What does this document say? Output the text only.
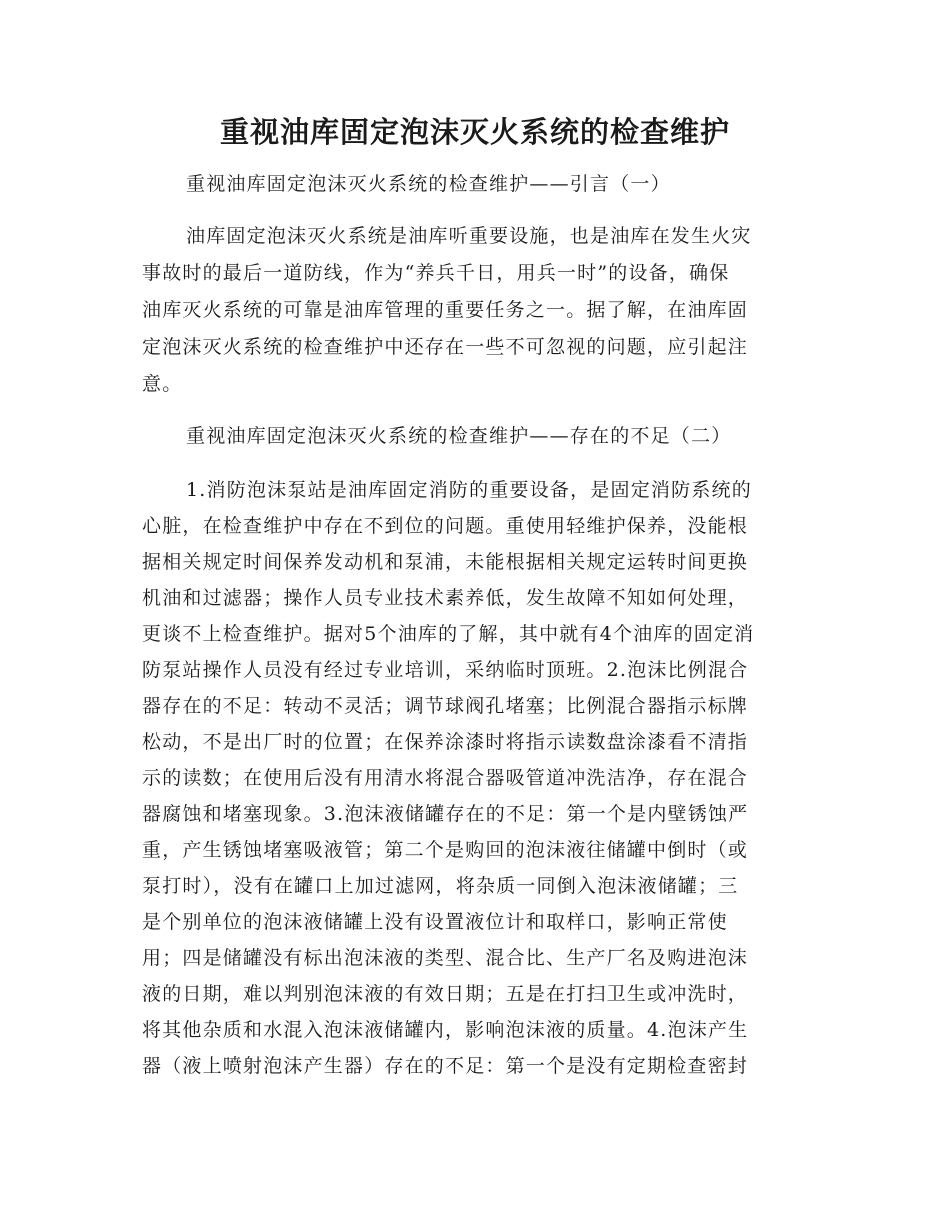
重视油库固定泡沫灭火系统的检查维护
重视油库固定泡沫灭火系统的检查维护——引言（一）
油库固定泡沫灭火系统是油库听重要设施，也是油库在发生火灾
事故时的最后一道防线，作为“养兵千日，用兵一时”的设备，确保
油库灭火系统的可靠是油库管理的重要任务之一。据了解，在油库固
定泡沫灭火系统的检查维护中还存在一些不可忽视的问题，应引起注
意。
重视油库固定泡沫灭火系统的检查维护——存在的不足（二）
1.消防泡沫泵站是油库固定消防的重要设备，是固定消防系统的
心脏，在检查维护中存在不到位的问题。重使用轻维护保养，没能根
据相关规定时间保养发动机和泵浦，未能根据相关规定运转时间更换
机油和过滤器；操作人员专业技术素养低，发生故障不知如何处理，
更谈不上检查维护。据对5个油库的了解，其中就有4个油库的固定消
防泵站操作人员没有经过专业培训，采纳临时顶班。2.泡沫比例混合
器存在的不足：转动不灵活；调节球阀孔堵塞；比例混合器指示标牌
松动，不是出厂时的位置；在保养涂漆时将指示读数盘涂漆看不清指
示的读数；在使用后没有用清水将混合器吸管道冲洗洁净，存在混合
器腐蚀和堵塞现象。3.泡沫液储罐存在的不足：第一个是内壁锈蚀严
重，产生锈蚀堵塞吸液管；第二个是购回的泡沫液往储罐中倒时（或
泵打时），没有在罐口上加过滤网，将杂质一同倒入泡沫液储罐；三
是个别单位的泡沫液储罐上没有设置液位计和取样口，影响正常使
用；四是储罐没有标出泡沫液的类型、混合比、生产厂名及购进泡沫
液的日期，难以判别泡沫液的有效日期；五是在打扫卫生或冲洗时，
将其他杂质和水混入泡沫液储罐内，影响泡沫液的质量。4.泡沫产生
器（液上喷射泡沫产生器）存在的不足：第一个是没有定期检查密封
